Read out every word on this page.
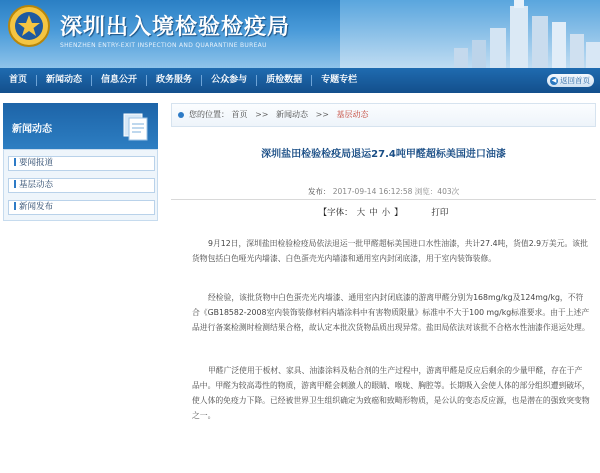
深圳出入境检验检疫局
SHENZHEN ENTRY-EXIT INSPECTION AND QUARANTINE BUREAU
首页	新闻动态	信息公开	政务服务	公众参与	质检数据	专题专栏	◀ 返回首页
新闻动态
要闻报道
基层动态
新闻发布
您的位置： 首页 >> 新闻动态 >> 基层动态
深圳盐田检验检疫局退运27.4吨甲醛超标美国进口油漆
发布： 2017-09-14 16:12:58 浏览：403次
【字体： 大 中 小 】	打印

9月12日，深圳盐田检验检疫局依法退运一批甲醛超标美国进口水性油漆，共计27.4吨，货值2.9万美元。该批货物包括白色哑光内墙漆、白色蛋壳光内墙漆和通用室内封闭底漆，用于室内装饰装修。

经检验，该批货物中白色蛋壳光内墙漆、通用室内封闭底漆的游离甲醛分别为168mg/kg及124mg/kg，不符合《GB18582-2008室内装饰装修材料内墙涂料中有害物质限量》标准中不大于100 mg/kg标准要求。由于上述产品进行备案检测时检测结果合格，故认定本批次货物品质出现异常。盐田局依法对该批不合格水性油漆作退运处理。

甲醛广泛使用于板材、家具、油漆涂料及粘合剂的生产过程中，游离甲醛是反应后剩余的少量甲醛，存在于产品中。甲醛为较高毒性的物质，游离甲醛会刺激人的眼睛、喉咙、胸腔等。长期吸入会使人体的部分组织遭到破坏，使人体的免疫力下降。已经被世界卫生组织确定为致癌和致畸形物质，是公认的变态反应源，也是潜在的强致突变物之一。
